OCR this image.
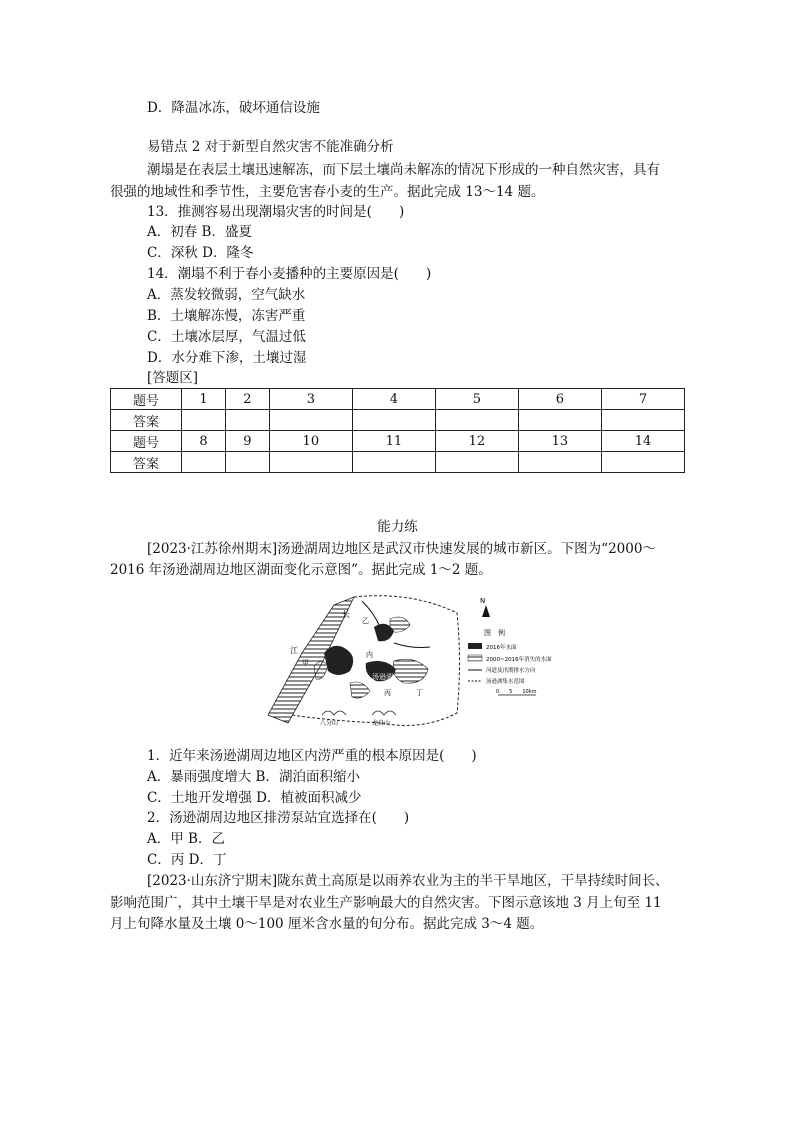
D．降温冰冻，破坏通信设施
易错点 2 对于新型自然灾害不能准确分析
潮塌是在表层土壤迅速解冻，而下层土壤尚未解冻的情况下形成的一种自然灾害，具有
很强的地域性和季节性，主要危害春小麦的生产。据此完成 13～14 题。
13．推测容易出现潮塌灾害的时间是(　　)
A．初春 B．盛夏
C．深秋 D．隆冬
14．潮塌不利于春小麦播种的主要原因是(　　)
A．蒸发较微弱，空气缺水
B．土壤解冻慢，冻害严重
C．土壤冰层厚，气温过低
D．水分难下渗，土壤过湿
[答题区]
题号	1	2	3	4	5	6	7
答案							
题号	8	9	10	11	12	13	14
答案							
能力练
[2023·江苏徐州期末]汤逊湖周边地区是武汉市快速发展的城市新区。下图为“2000～
2016 年汤逊湖周边地区湖面变化示意图”。据此完成 1～2 题。
长
江
甲
乙
内
汤逊湖
丁
丙
八分山	龙泉山
N
图　例
2016年水面
2000~2016年消失的水面
河道及汛期排水方向
汤逊湖集水范围
0　　5　　10km
1．近年来汤逊湖周边地区内涝严重的根本原因是(　　)
A．暴雨强度增大 B．湖泊面积缩小
C．土地开发增强 D．植被面积减少
2．汤逊湖周边地区排涝泵站宜选择在(　　)
A．甲 B．乙
C．丙 D．丁
[2023·山东济宁期末]陇东黄土高原是以雨养农业为主的半干旱地区，干旱持续时间长、
影响范围广，其中土壤干旱是对农业生产影响最大的自然灾害。下图示意该地 3 月上旬至 11
月上旬降水量及土壤 0～100 厘米含水量的旬分布。据此完成 3～4 题。
